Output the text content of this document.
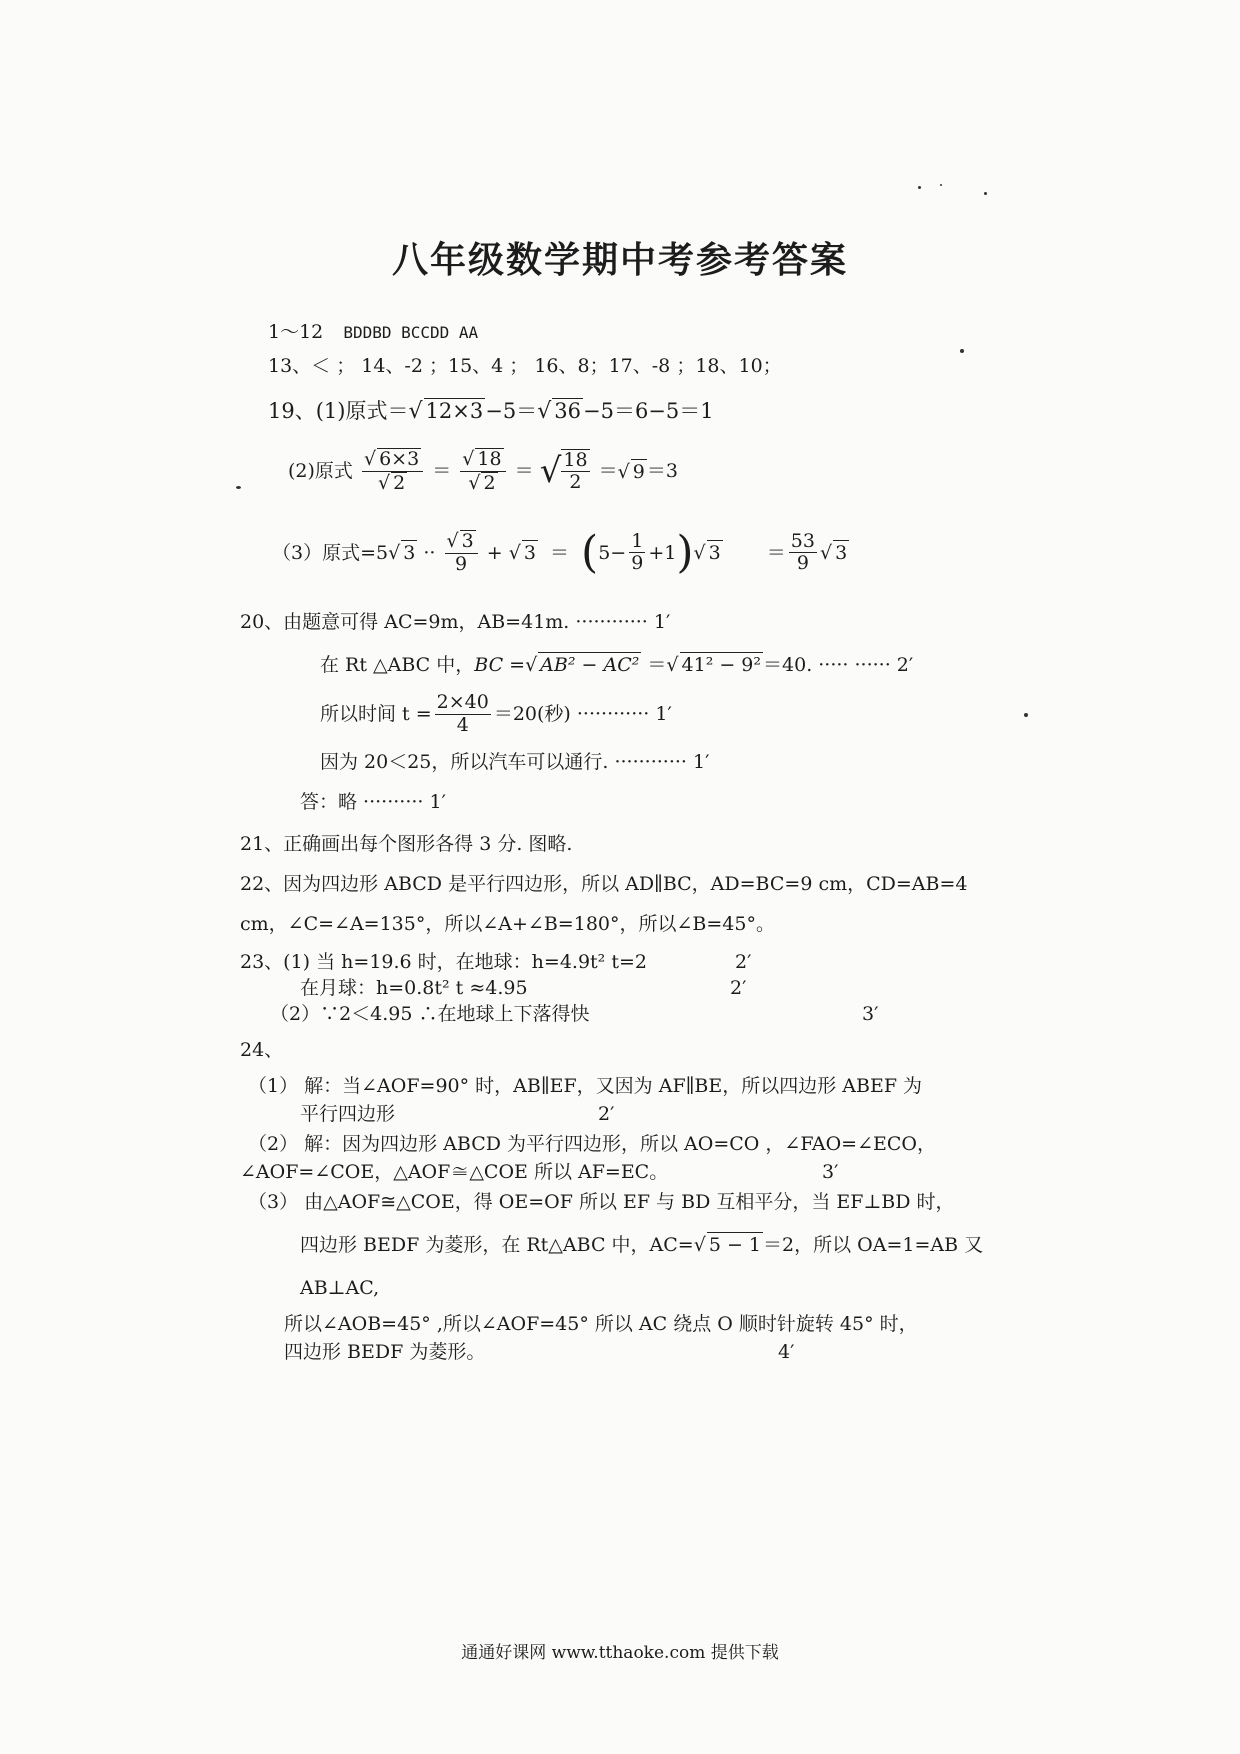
八年级数学期中考参考答案
1～12 BDDBD BCCDD AA
13、＜ ； 14、-2 ；15、4 ； 16、8；17、-8 ；18、10；
19、(1)原式＝√ 12×3−5＝√ 36−5＝6−5＝1
(2)原式 $\frac{√ 6\times 3}{√ 2} = \frac{√ 18}{√ 2}$ ＝ √ $\frac{18}{2}$ ＝√ 9 ＝3
（3）原式=5√ $3 \cdot\cdot \frac{√ 3}{9}$ + √ $3 = (5- \frac{1}{9} +1)√$ $3 = \frac{53}{9}$ √ 3
20、由题意可得 AC=9m，AB=41m. ············ 1′
在 Rt △ABC 中，BC =√ AB² − AC² ＝√ 41² − 9² ＝40. ····· ······ 2′
所以时间 $t = \frac{2\times 40}{4} =20$(秒) ············ 1′
因为 20＜25，所以汽车可以通行. ············ 1′
答：略 ·········· 1′
21、正确画出每个图形各得 3 分. 图略.
22、因为四边形 ABCD 是平行四边形，所以 AD∥BC，AD=BC=9 cm，CD=AB=4
cm，∠C=∠A=135°，所以∠A+∠B=180°，所以∠B=45°。
23、(1) 当 h=19.6 时，在地球：h=4.9t² t=2	2′
在月球：h=0.8t² t ≈4.95	2′
（2）∵2＜4.95 ∴在地球上下落得快	3′
24、
（1） 解：当∠AOF=90° 时，AB∥EF，又因为 AF∥BE，所以四边形 ABEF 为
平行四边形	2′
（2） 解：因为四边形 ABCD 为平行四边形，所以 AO=CO ，∠FAO=∠ECO，
∠AOF=∠COE，△AOF≅△COE 所以 AF=EC。	3′
（3） 由△AOF≅△COE，得 OE=OF 所以 EF 与 BD 互相平分，当 EF⊥BD 时，
四边形 BEDF 为菱形，在 Rt△ABC 中，AC=√ 5 − 1 ＝2，所以 OA=1=AB 又
AB⊥AC,
所以∠AOB=45° ,所以∠AOF=45° 所以 AC 绕点 O 顺时针旋转 45° 时，
四边形 BEDF 为菱形。	4′
通通好课网 www.tthaoke.com 提供下载
